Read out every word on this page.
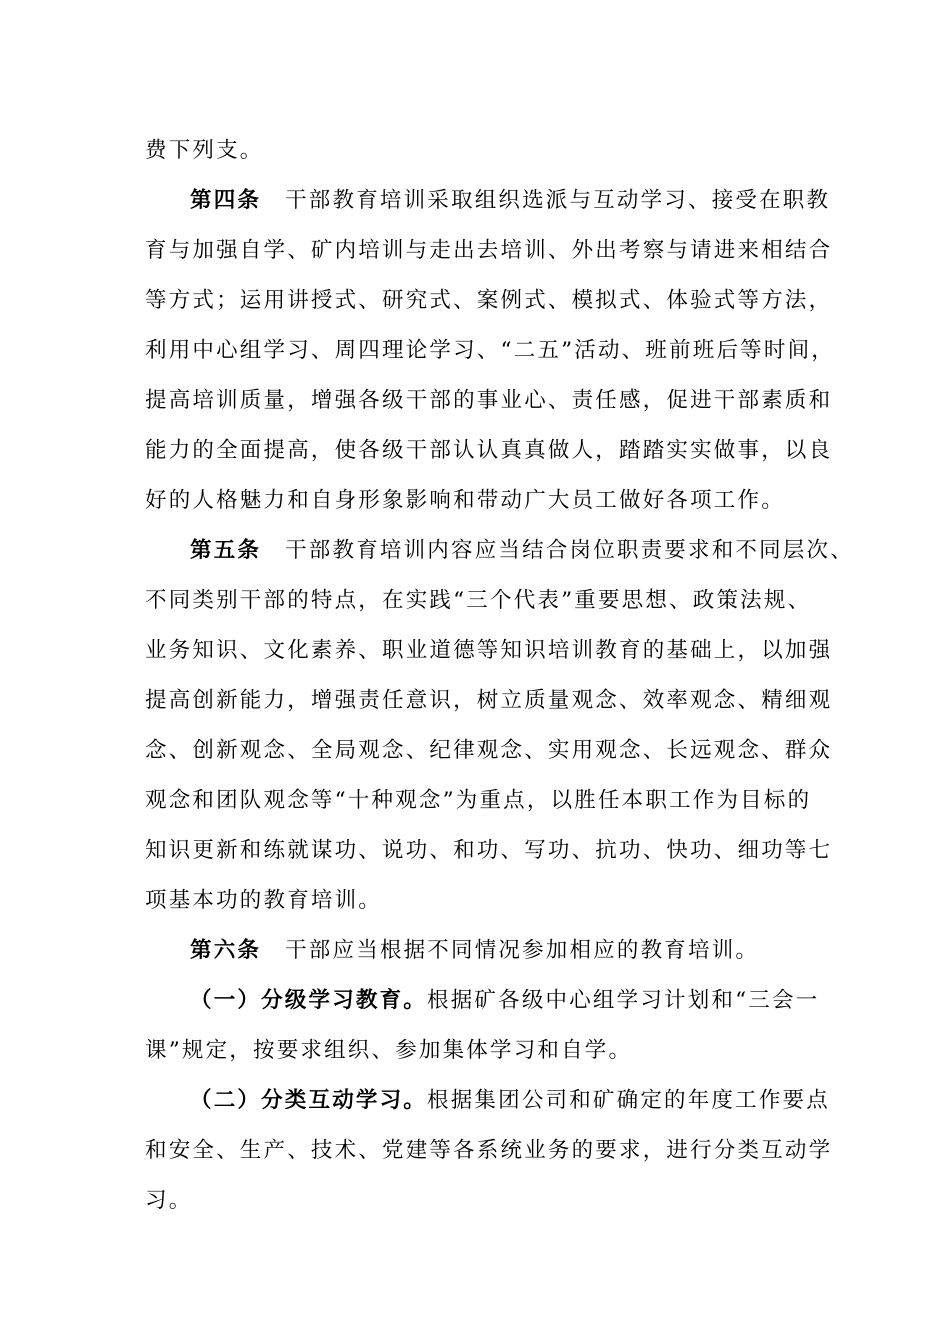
费下列支。
第四条 干部教育培训采取组织选派与互动学习、接受在职教
育与加强自学、矿内培训与走出去培训、外出考察与请进来相结合
等方式；运用讲授式、研究式、案例式、模拟式、体验式等方法，
利用中心组学习、周四理论学习、“二五”活动、班前班后等时间，
提高培训质量，增强各级干部的事业心、责任感，促进干部素质和
能力的全面提高，使各级干部认认真真做人，踏踏实实做事，以良
好的人格魅力和自身形象影响和带动广大员工做好各项工作。
第五条 干部教育培训内容应当结合岗位职责要求和不同层次、
不同类别干部的特点，在实践“三个代表”重要思想、政策法规、
业务知识、文化素养、职业道德等知识培训教育的基础上，以加强
提高创新能力，增强责任意识，树立质量观念、效率观念、精细观
念、创新观念、全局观念、纪律观念、实用观念、长远观念、群众
观念和团队观念等“十种观念”为重点，以胜任本职工作为目标的
知识更新和练就谋功、说功、和功、写功、抗功、快功、细功等七
项基本功的教育培训。
第六条 干部应当根据不同情况参加相应的教育培训。
（一）分级学习教育。根据矿各级中心组学习计划和“三会一
课”规定，按要求组织、参加集体学习和自学。
（二）分类互动学习。根据集团公司和矿确定的年度工作要点
和安全、生产、技术、党建等各系统业务的要求，进行分类互动学
习。
